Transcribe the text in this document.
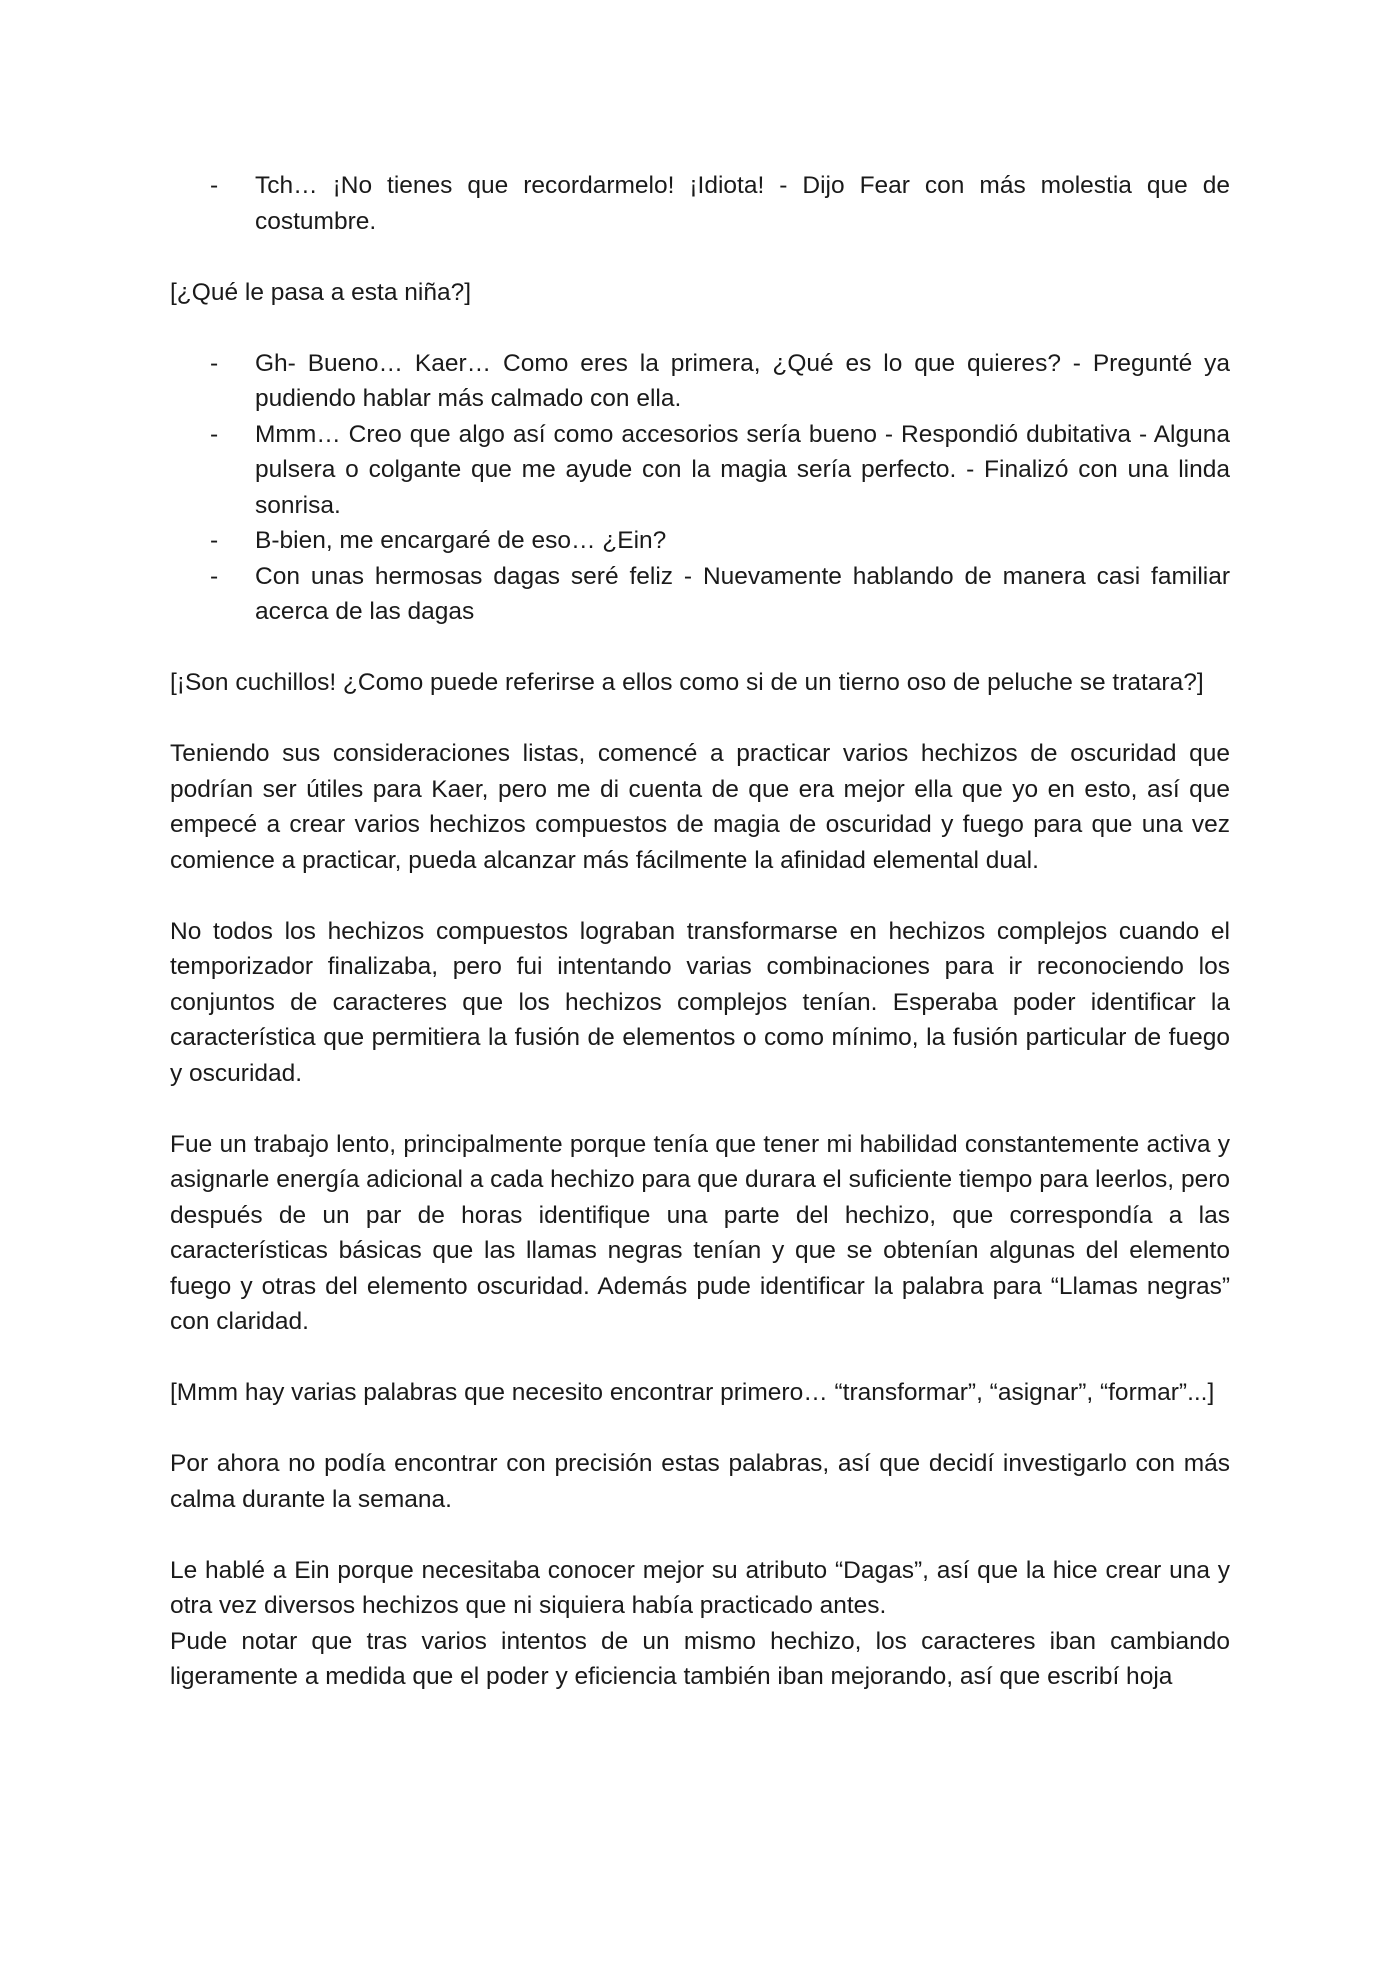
- Tch… ¡No tienes que recordarmelo! ¡Idiota! - Dijo Fear con más molestia que de costumbre.

[¿Qué le pasa a esta niña?]

- Gh- Bueno… Kaer… Como eres la primera, ¿Qué es lo que quieres? - Pregunté ya pudiendo hablar más calmado con ella.
- Mmm… Creo que algo así como accesorios sería bueno - Respondió dubitativa - Alguna pulsera o colgante que me ayude con la magia sería perfecto. - Finalizó con una linda sonrisa.
- B-bien, me encargaré de eso… ¿Ein?
- Con unas hermosas dagas seré feliz - Nuevamente hablando de manera casi familiar acerca de las dagas

[¡Son cuchillos! ¿Como puede referirse a ellos como si de un tierno oso de peluche se tratara?]

Teniendo sus consideraciones listas, comencé a practicar varios hechizos de oscuridad que podrían ser útiles para Kaer, pero me di cuenta de que era mejor ella que yo en esto, así que empecé a crear varios hechizos compuestos de magia de oscuridad y fuego para que una vez comience a practicar, pueda alcanzar más fácilmente la afinidad elemental dual.

No todos los hechizos compuestos lograban transformarse en hechizos complejos cuando el temporizador finalizaba, pero fui intentando varias combinaciones para ir reconociendo los conjuntos de caracteres que los hechizos complejos tenían. Esperaba poder identificar la característica que permitiera la fusión de elementos o como mínimo, la fusión particular de fuego y oscuridad.

Fue un trabajo lento, principalmente porque tenía que tener mi habilidad constantemente activa y asignarle energía adicional a cada hechizo para que durara el suficiente tiempo para leerlos, pero después de un par de horas identifique una parte del hechizo, que correspondía a las características básicas que las llamas negras tenían y que se obtenían algunas del elemento fuego y otras del elemento oscuridad. Además pude identificar la palabra para “Llamas negras” con claridad.

[Mmm hay varias palabras que necesito encontrar primero… “transformar”, “asignar”, “formar”...]

Por ahora no podía encontrar con precisión estas palabras, así que decidí investigarlo con más calma durante la semana.

Le hablé a Ein porque necesitaba conocer mejor su atributo “Dagas”, así que la hice crear una y otra vez diversos hechizos que ni siquiera había practicado antes.

Pude notar que tras varios intentos de un mismo hechizo, los caracteres iban cambiando ligeramente a medida que el poder y eficiencia también iban mejorando, así que escribí hoja
